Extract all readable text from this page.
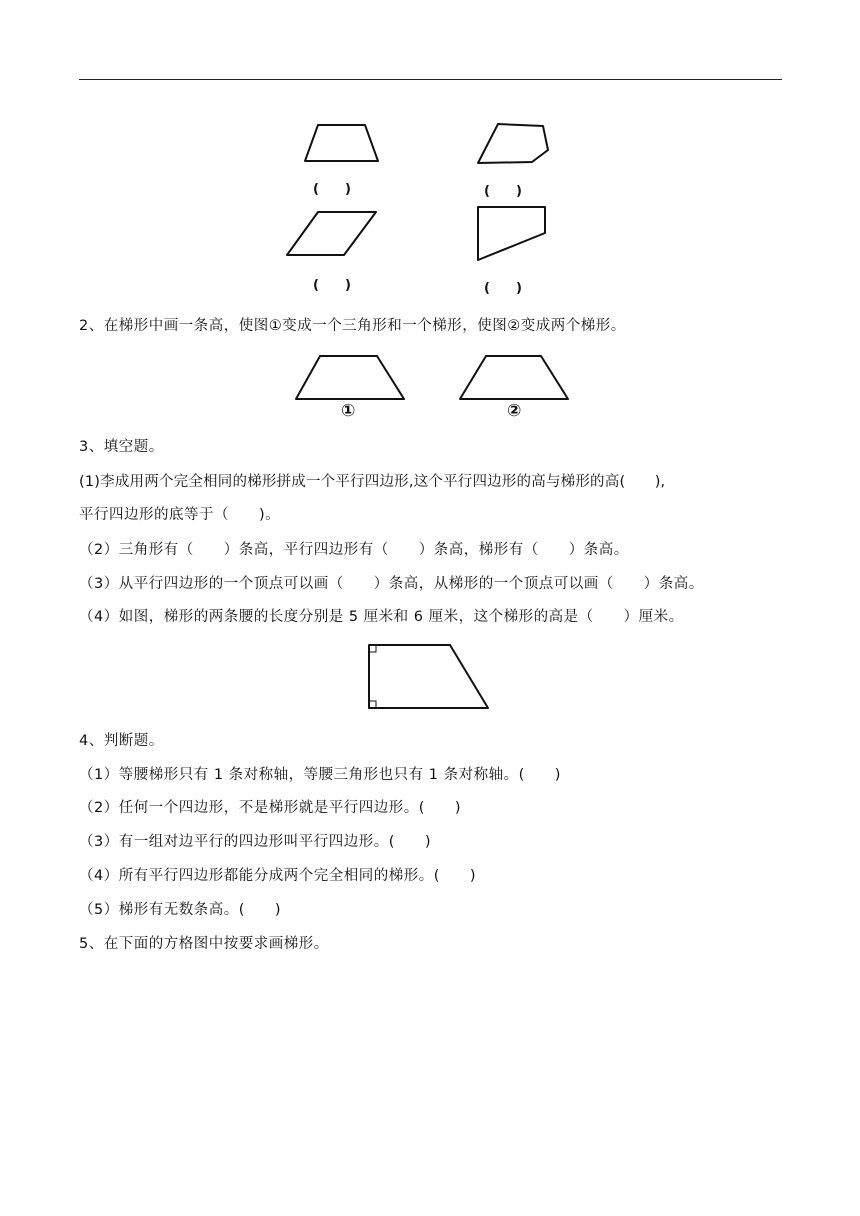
(　　)	(　　)
(　　)	(　　)
2、在梯形中画一条高，使图①变成一个三角形和一个梯形，使图②变成两个梯形。
①	②
3、填空题。
(1)李成用两个完全相同的梯形拼成一个平行四边形,这个平行四边形的高与梯形的高(　　),
平行四边形的底等于（　　)。
（2）三角形有（　　）条高，平行四边形有（　　）条高，梯形有（　　）条高。
（3）从平行四边形的一个顶点可以画（　　）条高，从梯形的一个顶点可以画（　　）条高。
（4）如图，梯形的两条腰的长度分别是 5 厘米和 6 厘米，这个梯形的高是（　　）厘米。
4、判断题。
（1）等腰梯形只有 1 条对称轴，等腰三角形也只有 1 条对称轴。(　　)
（2）任何一个四边形，不是梯形就是平行四边形。(　　)
（3）有一组对边平行的四边形叫平行四边形。(　　)
（4）所有平行四边形都能分成两个完全相同的梯形。(　　)
（5）梯形有无数条高。(　　)
5、在下面的方格图中按要求画梯形。
